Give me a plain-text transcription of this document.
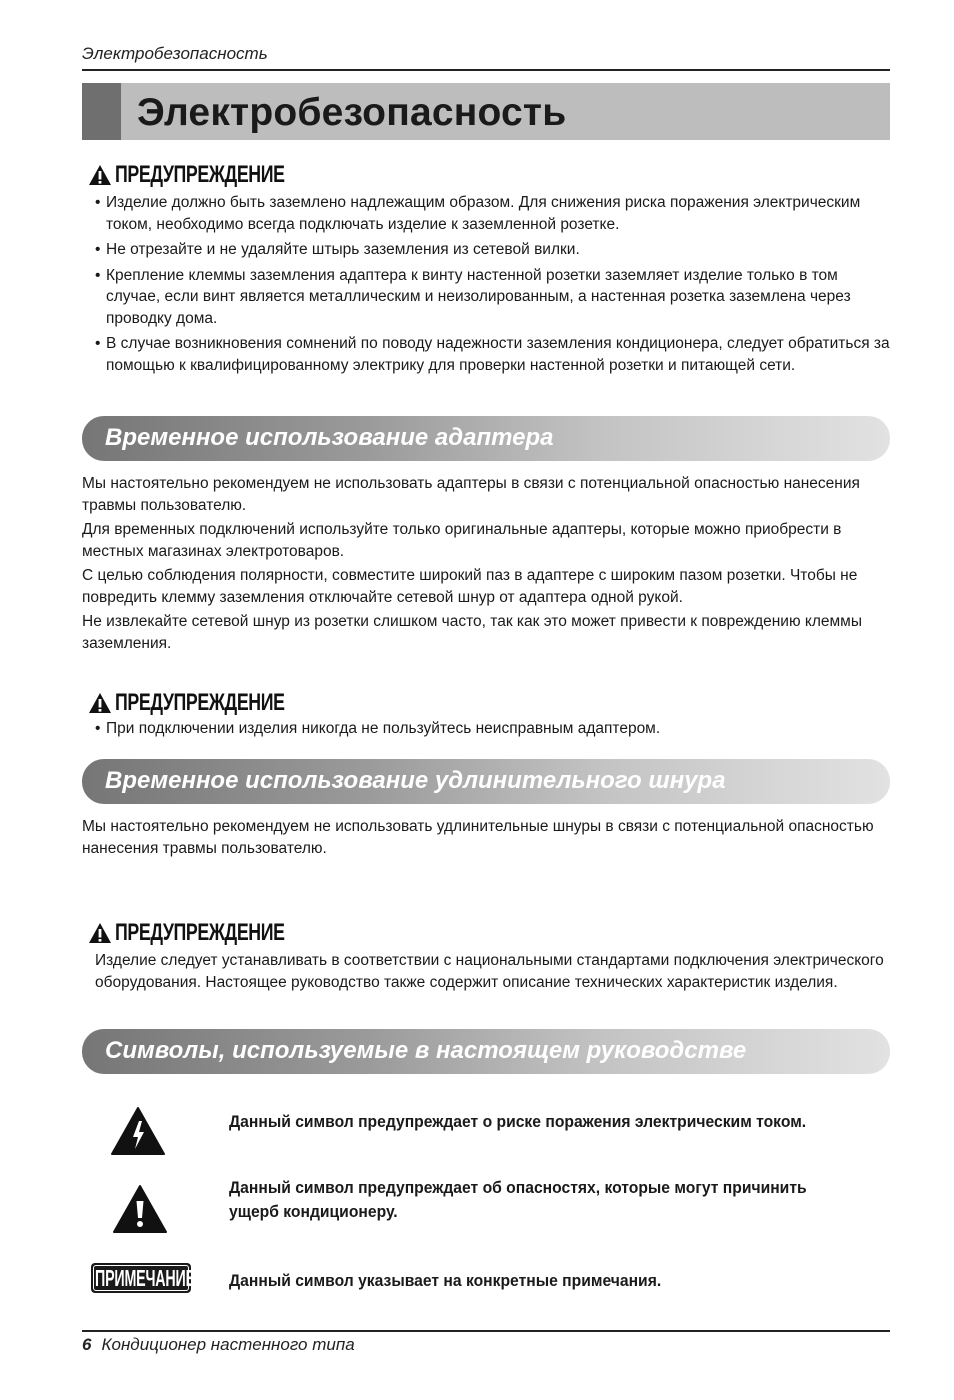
Электробезопасность
Электробезопасность
ПРЕДУПРЕЖДЕНИЕ
• Изделие должно быть заземлено надлежащим образом. Для снижения риска поражения электрическим током, необходимо всегда подключать изделие к заземленной розетке.
• Не отрезайте и не удаляйте штырь заземления из сетевой вилки.
• Крепление клеммы заземления адаптера к винту настенной розетки заземляет изделие только в том случае, если винт является металлическим и неизолированным, а настенная розетка заземлена через проводку дома.
• В случае возникновения сомнений по поводу надежности заземления кондиционера, следует обратиться за помощью к квалифицированному электрику для проверки настенной розетки и питающей сети.
Временное использование адаптера

Мы настоятельно рекомендуем не использовать адаптеры в связи с потенциальной опасностью нанесения травмы пользователю.

Для временных подключений используйте только оригинальные адаптеры, которые можно приобрести в местных магазинах электротоваров.

С целью соблюдения полярности, совместите широкий паз в адаптере с широким пазом розетки. Чтобы не повредить клемму заземления отключайте сетевой шнур от адаптера одной рукой.

Не извлекайте сетевой шнур из розетки слишком часто, так как это может привести к повреждению клеммы заземления.

ПРЕДУПРЕЖДЕНИЕ
• При подключении изделия никогда не пользуйтесь неисправным адаптером.
Временное использование удлинительного шнура

Мы настоятельно рекомендуем не использовать удлинительные шнуры в связи с потенциальной опасностью нанесения травмы пользователю.

ПРЕДУПРЕЖДЕНИЕ

Изделие следует устанавливать в соответствии с национальными стандартами подключения электрического оборудования. Настоящее руководство также содержит описание технических характеристик изделия.

Символы, используемые в настоящем руководстве
Данный символ предупреждает о риске поражения электрическим током.
Данный символ предупреждает об опасностях, которые могут причинить ущерб кондиционеру.
ПРИМЕЧАНИЕ Данный символ указывает на конкретные примечания.
6 Кондиционер настенного типа
